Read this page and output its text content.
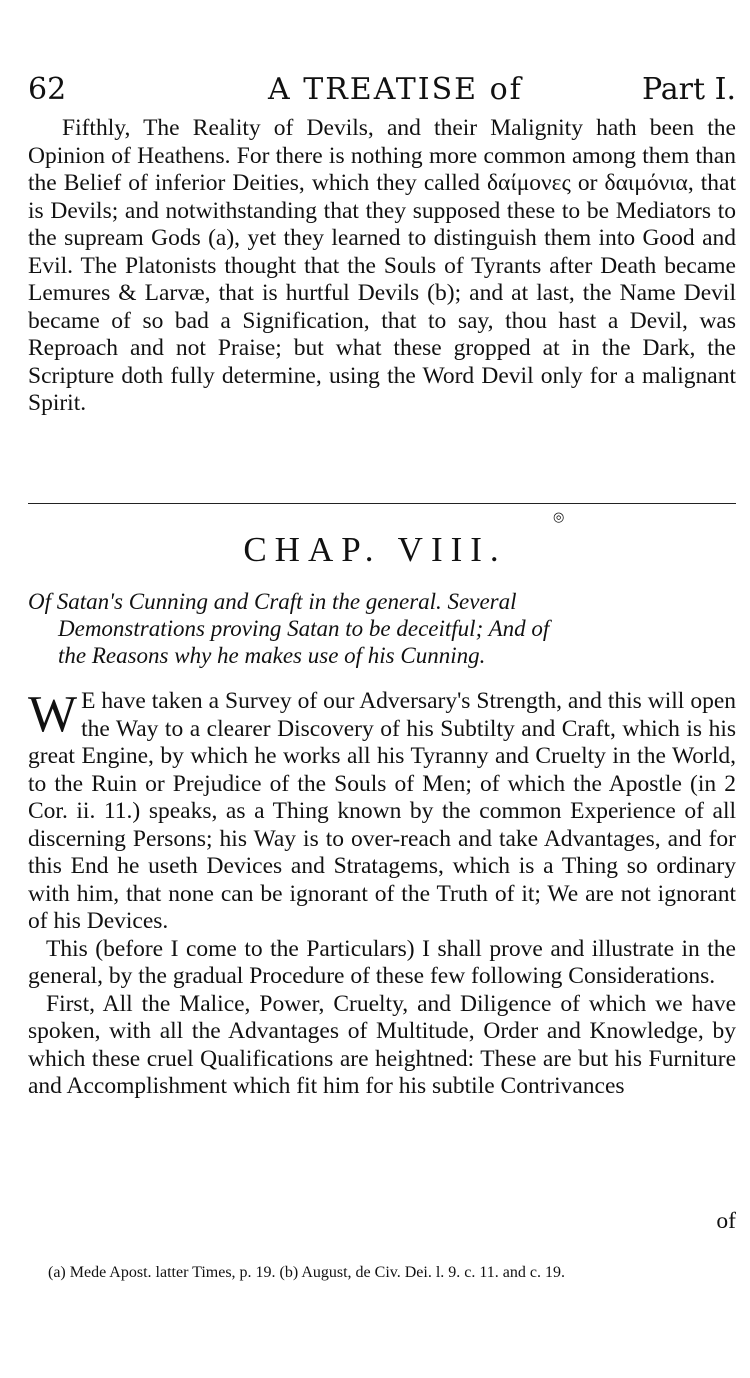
62	A TREATISE of	Part I.
Fifthly, The Reality of Devils, and their Malignity hath been the Opinion of Heathens. For there is nothing more common among them than the Belief of inferior Deities, which they called δαίμονες or δαιμόνια, that is Devils; and notwithstanding that they supposed these to be Mediators to the supream Gods (a), yet they learned to distinguish them into Good and Evil. The Platonists thought that the Souls of Tyrants after Death became Lemures & Larvæ, that is hurtful Devils (b); and at last, the Name Devil became of so bad a Signification, that to say, thou hast a Devil, was Reproach and not Praise; but what these gropped at in the Dark, the Scripture doth fully determine, using the Word Devil only for a malignant Spirit.
◎
CHAP. VIII.
Of Satan's Cunning and Craft in the general. Several
Demonstrations proving Satan to be deceitful; And of
the Reasons why he makes use of his Cunning.
W E have taken a Survey of our Adversary's Strength, and this will open the Way to a clearer Discovery of his Subtilty and Craft, which is his great Engine, by which he works all his Tyranny and Cruelty in the World, to the Ruin or Prejudice of the Souls of Men; of which the Apostle (in 2 Cor. ii. 11.) speaks, as a Thing known by the common Experience of all discerning Persons; his Way is to over-reach and take Advantages, and for this End he useth Devices and Stratagems, which is a Thing so ordinary with him, that none can be ignorant of the Truth of it; We are not ignorant of his Devices.
This (before I come to the Particulars) I shall prove and illustrate in the general, by the gradual Procedure of these few following Considerations.
First, All the Malice, Power, Cruelty, and Diligence of which we have spoken, with all the Advantages of Multitude, Order and Knowledge, by which these cruel Qualifications are heightned: These are but his Furniture and Accomplishment which fit him for his subtile Contrivances
of
(a) Mede Apost. latter Times, p. 19. (b) August, de Civ. Dei. l. 9. c. 11. and c. 19.
